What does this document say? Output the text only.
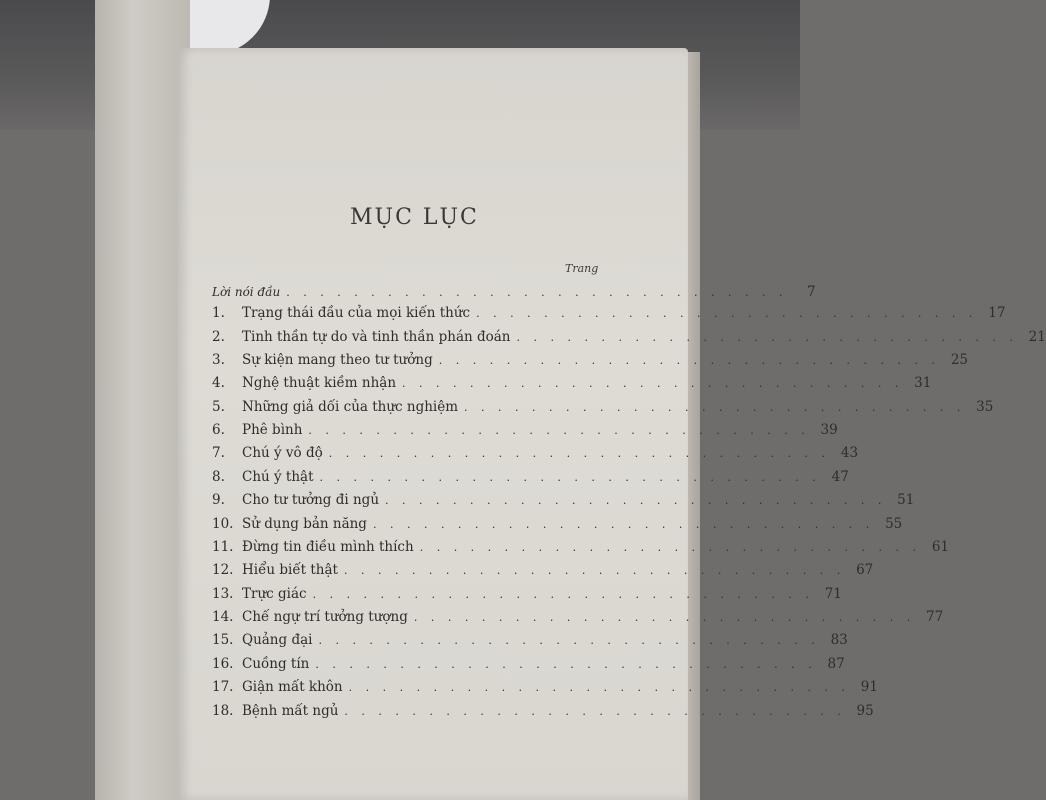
MỤC LỤC
Trang
Lời nói đầu . . . . . . . . . . . . . . . . . . . . . . . . . . . . . .	7
1.	Trạng thái đầu của mọi kiến thức . . . . . . . . . . . . . . . . . . . . . . . . . . . . . . 17
2.	Tinh thần tự do và tinh thần phán đoán . . . . . . . . . . . . . . . . . . . . . . . . . . . . . . 21
3.	Sự kiện mang theo tư tưởng . . . . . . . . . . . . . . . . . . . . . . . . . . . . . . 25
4.	Nghệ thuật kiềm nhận . . . . . . . . . . . . . . . . . . . . . . . . . . . . . . 31
5.	Những giả dối của thực nghiệm . . . . . . . . . . . . . . . . . . . . . . . . . . . . . . 35
6.	Phê bình . . . . . . . . . . . . . . . . . . . . . . . . . . . . . . 39
7.	Chú ý vô độ . . . . . . . . . . . . . . . . . . . . . . . . . . . . . . 43
8.	Chú ý thật . . . . . . . . . . . . . . . . . . . . . . . . . . . . . . 47
9.	Cho tư tưởng đi ngủ . . . . . . . . . . . . . . . . . . . . . . . . . . . . . . 51
10. Sử dụng bản năng . . . . . . . . . . . . . . . . . . . . . . . . . . . . . . 55
11. Đừng tin điều mình thích . . . . . . . . . . . . . . . . . . . . . . . . . . . . . . 61
12. Hiểu biết thật . . . . . . . . . . . . . . . . . . . . . . . . . . . . . . 67
13. Trực giác . . . . . . . . . . . . . . . . . . . . . . . . . . . . . . 71
14. Chế ngự trí tưởng tượng . . . . . . . . . . . . . . . . . . . . . . . . . . . . . . 77
15. Quảng đại . . . . . . . . . . . . . . . . . . . . . . . . . . . . . . 83
16. Cuồng tín . . . . . . . . . . . . . . . . . . . . . . . . . . . . . . 87
17. Giận mất khôn . . . . . . . . . . . . . . . . . . . . . . . . . . . . . . 91
18. Bệnh mất ngủ . . . . . . . . . . . . . . . . . . . . . . . . . . . . . . 95
